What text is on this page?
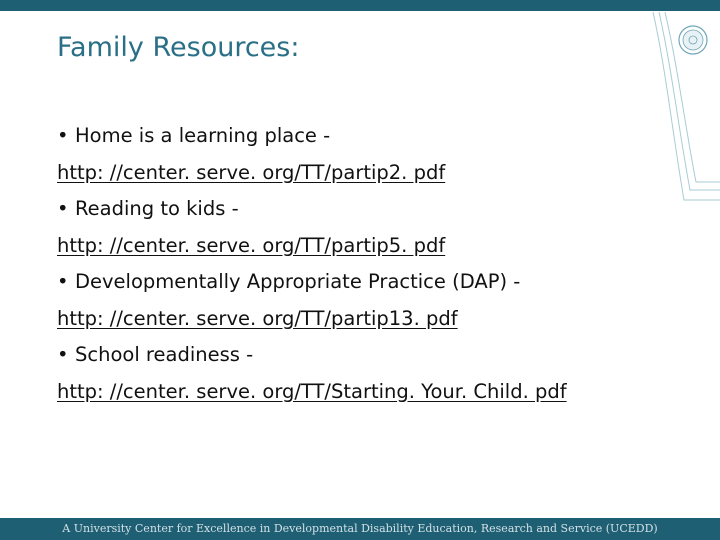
Family Resources:
• Home is a learning place -
http: //center. serve. org/TT/partip2. pdf
• Reading to kids -
http: //center. serve. org/TT/partip5. pdf
• Developmentally Appropriate Practice (DAP) -
http: //center. serve. org/TT/partip13. pdf
• School readiness -
http: //center. serve. org/TT/Starting. Your. Child. pdf
A University Center for Excellence in Developmental Disability Education, Research and Service (UCEDD)
